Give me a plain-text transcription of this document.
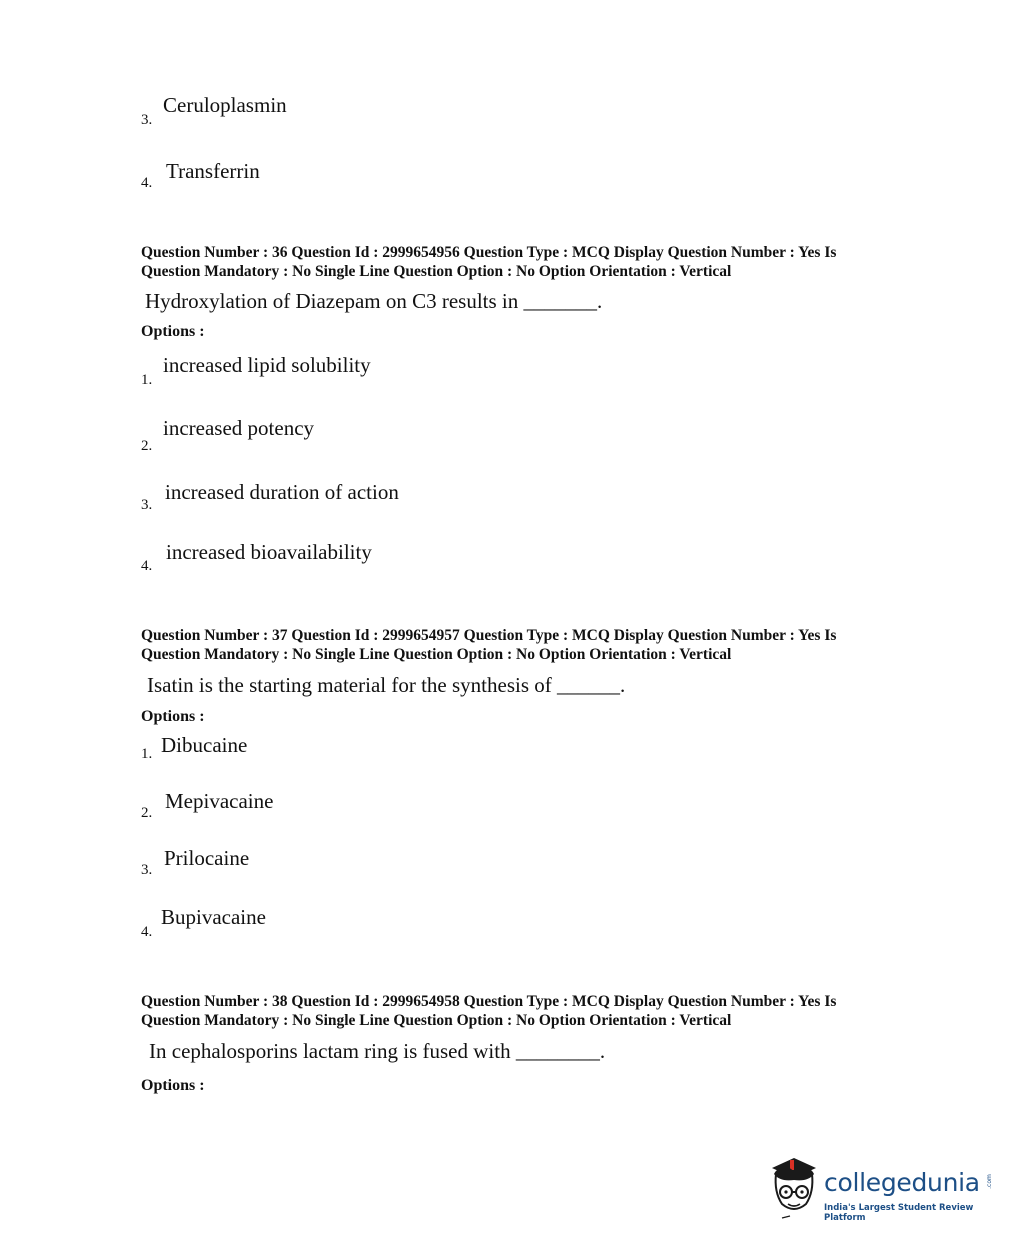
Ceruloplasmin
3.
Transferrin
4.
Question Number : 36 Question Id : 2999654956 Question Type : MCQ Display Question Number : Yes Is
Question Mandatory : No Single Line Question Option : No Option Orientation : Vertical
Hydroxylation of Diazepam on C3 results in _______.
Options :
increased lipid solubility
1.
increased potency
2.
increased duration of action
3.
increased bioavailability
4.
Question Number : 37 Question Id : 2999654957 Question Type : MCQ Display Question Number : Yes Is
Question Mandatory : No Single Line Question Option : No Option Orientation : Vertical
Isatin is the starting material for the synthesis of ______.
Options :
Dibucaine
1.
Mepivacaine
2.
Prilocaine
3.
Bupivacaine
4.
Question Number : 38 Question Id : 2999654958 Question Type : MCQ Display Question Number : Yes Is
Question Mandatory : No Single Line Question Option : No Option Orientation : Vertical
In cephalosporins lactam ring is fused with ________.
Options :
collegedunia .com
India's Largest Student Review Platform
